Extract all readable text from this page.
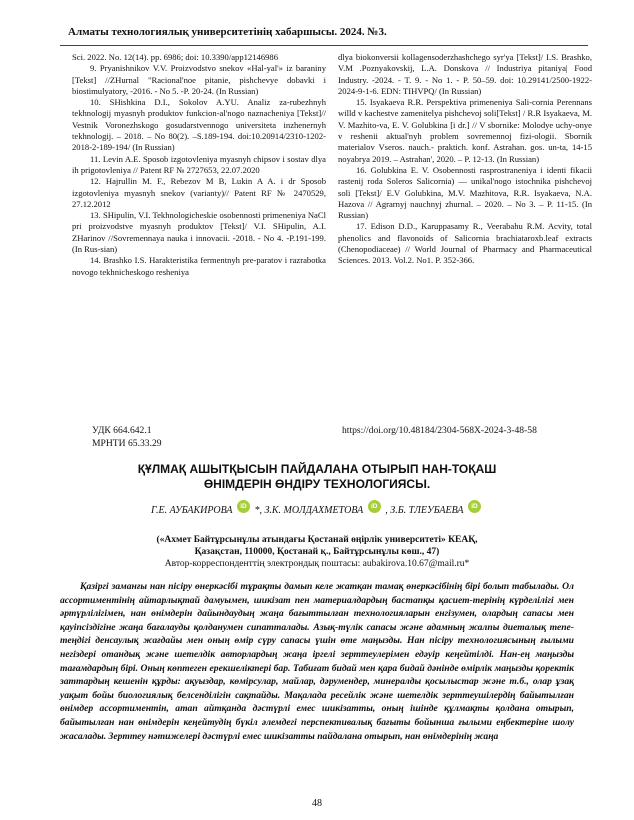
Алматы технологиялық университетінің хабаршысы. 2024. №3.

Sci. 2022. No. 12(14). pp. 6986; doi: 10.3390/app12146986

9. Pryanishnikov V.V. Proizvodstvo snekov «Hal-yal'» iz baraniny [Tekst] //ZHurnal "Racional'noe pitanie, pishchevye dobavki i biostimulyatory, -2016. - No 5. -P. 20-24. (In Russian)

10. SHishkina D.I., Sokolov A.YU. Analiz za-rubezhnyh tekhnologij myasnyh produktov funkcion-al'nogo naznacheniya [Tekst]// Vestnik Voronezhskogo gosudarstvennogo universiteta inzhenernyh tekhnologij. – 2018. – No 80(2). –S.189-194. doi:10.20914/2310-1202-2018-2-189-194/ (In Russian)

11. Levin A.E. Sposob izgotovleniya myasnyh chipsov i sostav dlya ih prigotovleniya // Patent RF № 2727653, 22.07.2020

12. Hajrullin M. F., Rebezov M B, Lukin A A. i dr Sposob izgotovleniya myasnyh snekov (variantу)// Patent RF № 2470529, 27.12.2012

13. SHipulin, V.I. Tekhnologicheskie osobennosti primeneniya NaCl pri proizvodstve myasnyh produktov [Tekst]/ V.I. SHipulin, A.I. ZHarinov //Sovremennaya nauka i innovacii. -2018. - No 4. -P.191-199. (In Rus-sian)

14. Brashko I.S. Harakteristika fermentnyh pre-paratov i razrabotka novogo tekhnicheskogo resheniya

dlya biokonversii kollagensoderzhashchego syr'ya [Tekst]/ I.S. Brashko, V.M .Poznyakovskij, L.A. Donskova // Industriya pitaniya| Food Industry. -2024. - T. 9. - No 1. - P. 50–59. doi: 10.29141/2500-1922-2024-9-1-6. EDN: TIHVPQ/ (In Russian)

15. Isyakaeva R.R. Perspektiva primeneniya Sali-cornia Perennans willd v kachestve zamenitelya pishchevoj soli[Tekst] / R.R Isyakaeva, M. V. Mazhito-va, E. V. Golubkina [i dr.] // V sbornike: Molodye uchy-onye v reshenii aktual'nyh problem sovremennoj fizi-ologii. Sbornik materialov Vseros. nauch.- praktich. konf. Astrahan. gos. un-ta, 14-15 noyabrya 2019. – Astrahan', 2020. – P. 12-13. (In Russian)

16. Golubkina E. V. Osobennosti rasprostraneniya i identi fikacii rastenij roda Soleros Salicornia) — unikal'nogo istochnika pishchevoj soli [Tekst]/ E.V Golubkina, M.V. Mazhitova, R.R. Isyakaeva, N.A. Hazova // Agrarnyj nauchnyj zhurnal. – 2020. – No 3. – P. 11-15. (In Russian)

17. Edison D.D., Karuppasamy R., Veerabahu R.M. Acvity, total phenolics and flavonoids of Salicornia brachiataroxb.leaf extracts (Chenopodiaceae) // World Journal of Pharmacy and Pharmaceutical Sciences. 2013. Vol.2. No1. P. 352-366.

УДК 664.642.1
МРНТИ 65.33.29
https://doi.org/10.48184/2304-568X-2024-3-48-58
ҚҰЛМАҚ АШЫТҚЫСЫН ПАЙДАЛАНА ОТЫРЫП НАН-ТОҚАШ
ӨНІМДЕРІН ӨНДІРУ ТЕХНОЛОГИЯСЫ.
Г.Е. АУБАКИРОВА iD *, З.К. МОЛДАХМЕТОВА iD , З.Б. ТЛЕУБАЕВА iD
(«Ахмет Байтұрсынұлы атындағы Қостанай өңірлік университеті» КЕАҚ,
Қазақстан, 110000, Қостанай қ., Байтұрсынұлы көш., 47)
Автор-корреспонденттің электрондық поштасы: aubakirova.10.67@mail.ru*
Қазіргі заманғы нан пісіру өнеркәсібі тұрақты дамып келе жатқан тамақ өнеркәсібінің бірі болып табылады. Ол ассортиментінің айтарлықтай дамуымен, шикізат пен материалдардың бастапқы қасиет-терінің күрделілігі мен әртүрлілігімен, нан өнімдерін дайындаудың жаңа бағыттылған технологияларын енгізумен, олардың сапасы мен қауіпсіздігіне жаңа бағалауды қолданумен сипатталады. Азық-түлік сапасы және адамның жалпы диеталық тепе-теңдігі денсаулық жағдайы мен оның өмір сүру сапасы үшін өте маңызды. Нан пісіру технологиясының ғылыми негіздері отандық және шетелдік авторлардың жаңа іргелі зерттеулерімен едәуір кеңейтілді. Нан-ең маңызды тағамдардың бірі. Оның көптеген ерекшеліктері бар. Табиғат бидай мен қара бидай дәнінде өмірлік маңызды қоректік заттардың кешенін құрды: ақуыздар, көмірсулар, майлар, дәрумендер, минералды қосылыстар және т.б., олар ұзақ уақыт бойы биологиялық белсенділігін сақтайды. Мақалада ресейлік және шетелдік зерттеушілердің байытылған өнімдер ассортиментін, атап айтқанда дәстүрлі емес шикізатты, оның ішінде құлмақты қолдана отырып, байытылған нан өнімдерін кеңейтудің бүкіл әлемдегі перспективалық бағыты бойынша ғылыми еңбектеріне шолу жасалады. Зерттеу нәтижелері дәстүрлі емес шикізатты пайдалана отырып, нан өнімдерінің жаңа
48
